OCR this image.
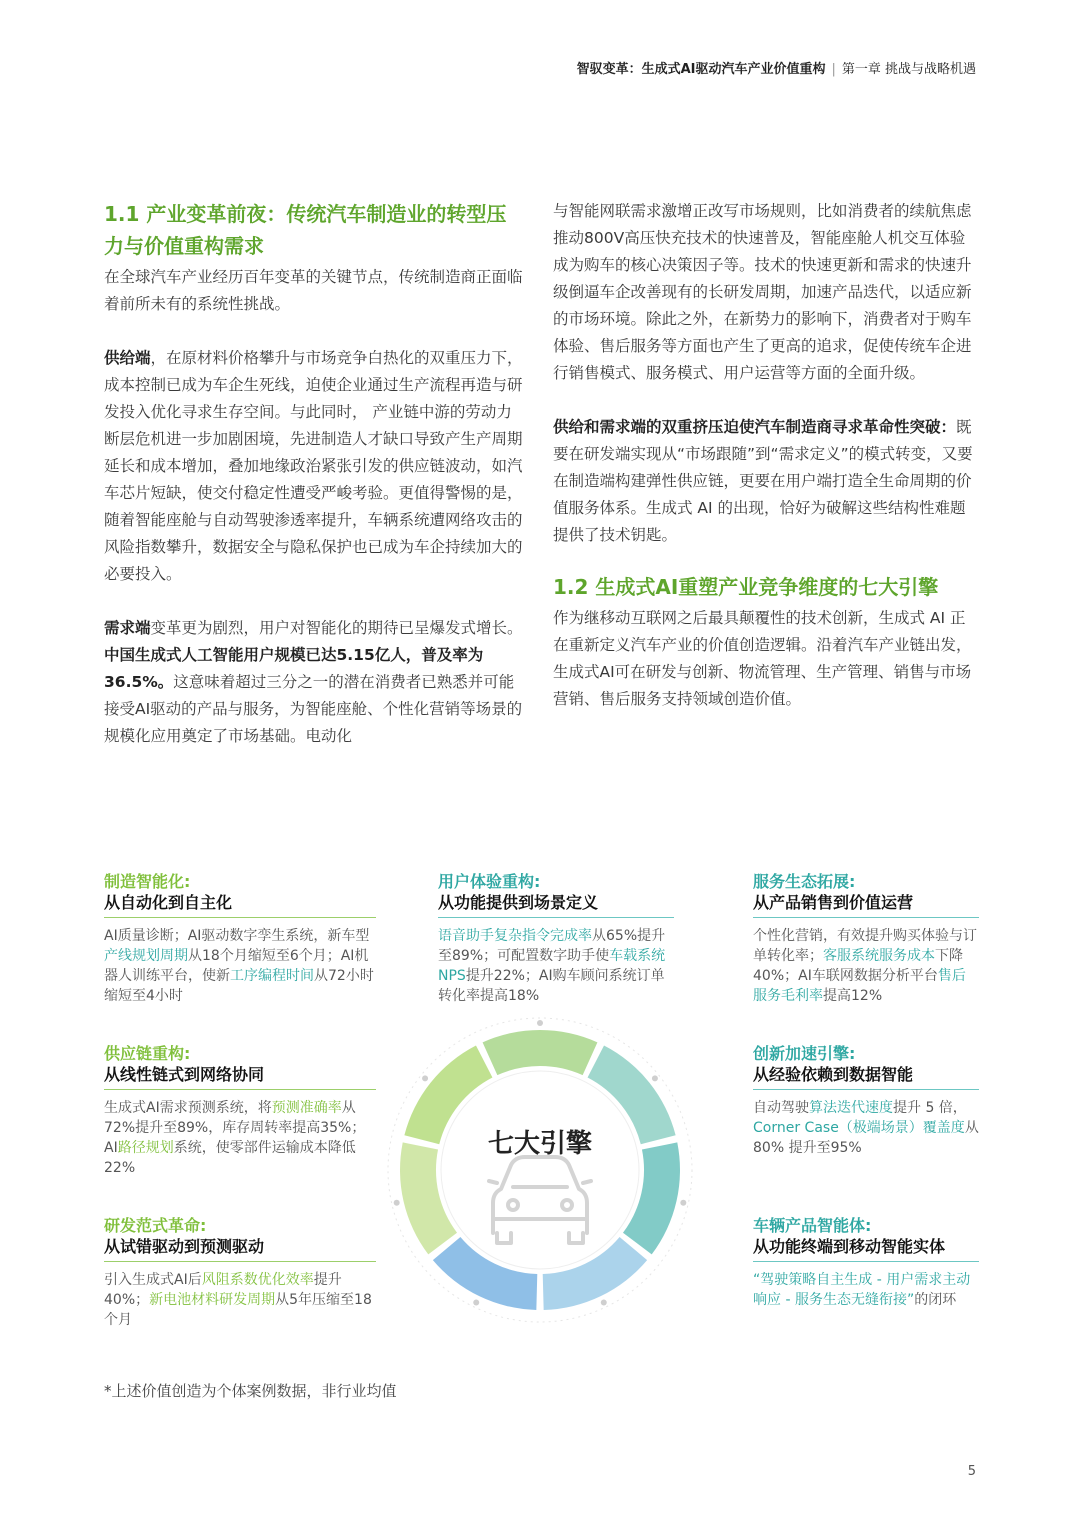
智驭变革：生成式AI驱动汽车产业价值重构 | 第一章 挑战与战略机遇
1.1 产业变革前夜：传统汽车制造业的转型压力与价值重构需求

在全球汽车产业经历百年变革的关键节点，传统制造商正面临着前所未有的系统性挑战。

供给端，在原材料价格攀升与市场竞争白热化的双重压力下，成本控制已成为车企生死线，迫使企业通过生产流程再造与研发投入优化寻求生存空间。与此同时， 产业链中游的劳动力断层危机进一步加剧困境，先进制造人才缺口导致产生产周期延长和成本增加，叠加地缘政治紧张引发的供应链波动，如汽车芯片短缺，使交付稳定性遭受严峻考验。更值得警惕的是，随着智能座舱与自动驾驶渗透率提升，车辆系统遭网络攻击的风险指数攀升，数据安全与隐私保护也已成为车企持续加大的必要投入。

需求端变革更为剧烈，用户对智能化的期待已呈爆发式增长。中国生成式人工智能用户规模已达5.15亿人，普及率为36.5%。这意味着超过三分之一的潜在消费者已熟悉并可能接受AI驱动的产品与服务，为智能座舱、个性化营销等场景的规模化应用奠定了市场基础。电动化

与智能网联需求激增正改写市场规则，比如消费者的续航焦虑推动800V高压快充技术的快速普及，智能座舱人机交互体验成为购车的核心决策因子等。技术的快速更新和需求的快速升级倒逼车企改善现有的长研发周期，加速产品迭代，以适应新的市场环境。除此之外，在新势力的影响下，消费者对于购车体验、售后服务等方面也产生了更高的追求，促使传统车企进行销售模式、服务模式、用户运营等方面的全面升级。

供给和需求端的双重挤压迫使汽车制造商寻求革命性突破：既要在研发端实现从“市场跟随”到“需求定义”的模式转变，又要在制造端构建弹性供应链，更要在用户端打造全生命周期的价值服务体系。生成式 AI 的出现，恰好为破解这些结构性难题提供了技术钥匙。

1.2 生成式AI重塑产业竞争维度的七大引擎

作为继移动互联网之后最具颠覆性的技术创新，生成式 AI 正在重新定义汽车产业的价值创造逻辑。沿着汽车产业链出发，生成式AI可在研发与创新、物流管理、生产管理、销售与市场营销、售后服务支持领域创造价值。

制造智能化:
从自动化到自主化
AI质量诊断；AI驱动数字孪生系统，新车型产线规划周期从18个月缩短至6个月；AI机器人训练平台，使新工序编程时间从72小时缩短至4小时
供应链重构:
从线性链式到网络协同
生成式AI需求预测系统，将预测准确率从72%提升至89%，库存周转率提高35%；AI路径规划系统，使零部件运输成本降低 22%
研发范式革命:
从试错驱动到预测驱动
引入生成式AI后风阻系数优化效率提升40%；新电池材料研发周期从5年压缩至18个月
用户体验重构:
从功能提供到场景定义
语音助手复杂指令完成率从65%提升至89%；可配置数字助手使车载系统NPS提升22%；AI购车顾问系统订单转化率提高18%
服务生态拓展:
从产品销售到价值运营
个性化营销，有效提升购买体验与订单转化率；客服系统服务成本下降40%；AI车联网数据分析平台售后服务毛利率提高12%
创新加速引擎:
从经验依赖到数据智能
自动驾驶算法迭代速度提升 5 倍，Corner Case（极端场景）覆盖度从 80% 提升至95%
车辆产品智能体:
从功能终端到移动智能实体
“驾驶策略自主生成 - 用户需求主动响应 - 服务生态无缝衔接”的闭环
七大引擎
*上述价值创造为个体案例数据，非行业均值
5
